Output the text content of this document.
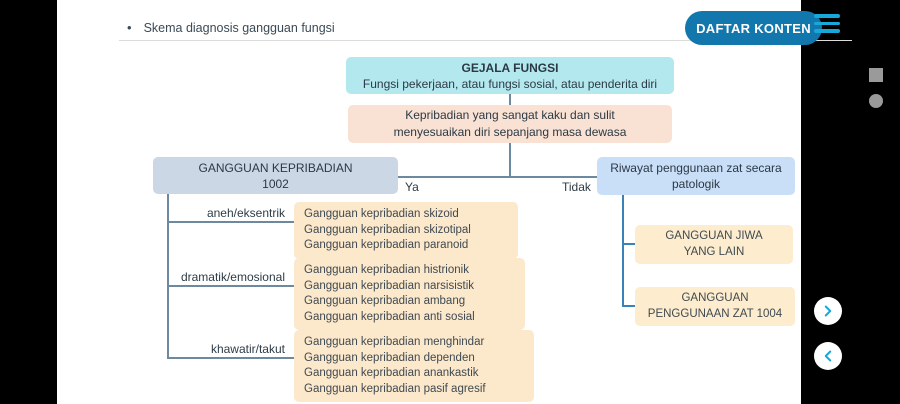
• Skema diagnosis gangguan fungsi	DAFTAR KONTEN
GEJALA FUNGSI
Fungsi pekerjaan, atau fungsi sosial, atau penderita diri
Kepribadian yang sangat kaku dan sulit
menyesuaikan diri sepanjang masa dewasa
Ya	Tidak
GANGGUAN KEPRIBADIAN
1002
Riwayat penggunaan zat secara
patologik
aneh/eksentrik
dramatik/emosional
khawatir/takut
Gangguan kepribadian skizoid
Gangguan kepribadian skizotipal
Gangguan kepribadian paranoid
Gangguan kepribadian histrionik
Gangguan kepribadian narsisistik
Gangguan kepribadian ambang
Gangguan kepribadian anti sosial
Gangguan kepribadian menghindar
Gangguan kepribadian dependen
Gangguan kepribadian anankastik
Gangguan kepribadian pasif agresif
GANGGUAN JIWA
YANG LAIN
GANGGUAN
PENGGUNAAN ZAT 1004
